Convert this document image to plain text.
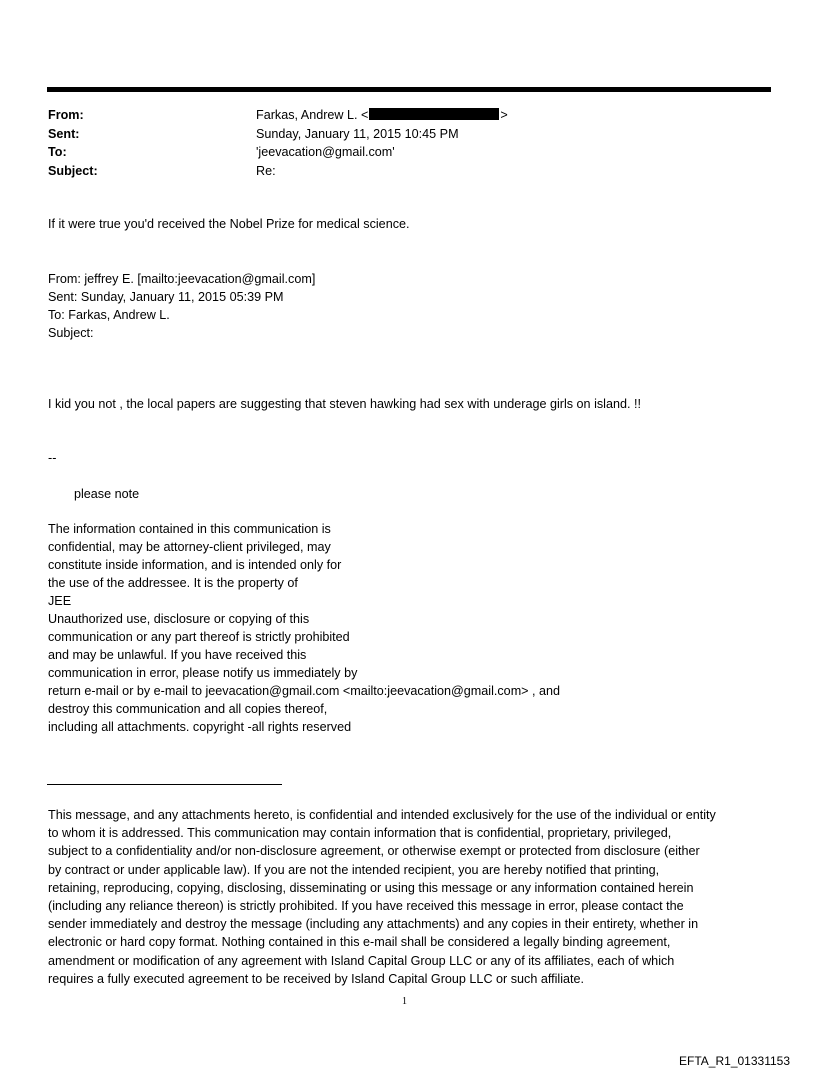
From:	Farkas, Andrew L. <	>
Sent:	Sunday, January 11, 2015 10:45 PM
To:	'jeevacation@gmail.com'
Subject:	Re:
If it were true you'd received the Nobel Prize for medical science.
From: jeffrey E. [mailto:jeevacation@gmail.com]
Sent: Sunday, January 11, 2015 05:39 PM
To: Farkas, Andrew L.
Subject:
I kid you not , the local papers are suggesting that steven hawking had sex with underage girls on island. !!
--
please note
The information contained in this communication is
confidential, may be attorney-client privileged, may
constitute inside information, and is intended only for
the use of the addressee. It is the property of
JEE
Unauthorized use, disclosure or copying of this
communication or any part thereof is strictly prohibited
and may be unlawful. If you have received this
communication in error, please notify us immediately by
return e-mail or by e-mail to jeevacation@gmail.com <mailto:jeevacation@gmail.com> , and
destroy this communication and all copies thereof,
including all attachments. copyright -all rights reserved
This message, and any attachments hereto, is confidential and intended exclusively for the use of the individual or entity
to whom it is addressed. This communication may contain information that is confidential, proprietary, privileged,
subject to a confidentiality and/or non-disclosure agreement, or otherwise exempt or protected from disclosure (either
by contract or under applicable law). If you are not the intended recipient, you are hereby notified that printing,
retaining, reproducing, copying, disclosing, disseminating or using this message or any information contained herein
(including any reliance thereon) is strictly prohibited. If you have received this message in error, please contact the
sender immediately and destroy the message (including any attachments) and any copies in their entirety, whether in
electronic or hard copy format. Nothing contained in this e-mail shall be considered a legally binding agreement,
amendment or modification of any agreement with Island Capital Group LLC or any of its affiliates, each of which
requires a fully executed agreement to be received by Island Capital Group LLC or such affiliate.
1
EFTA_R1_01331153
